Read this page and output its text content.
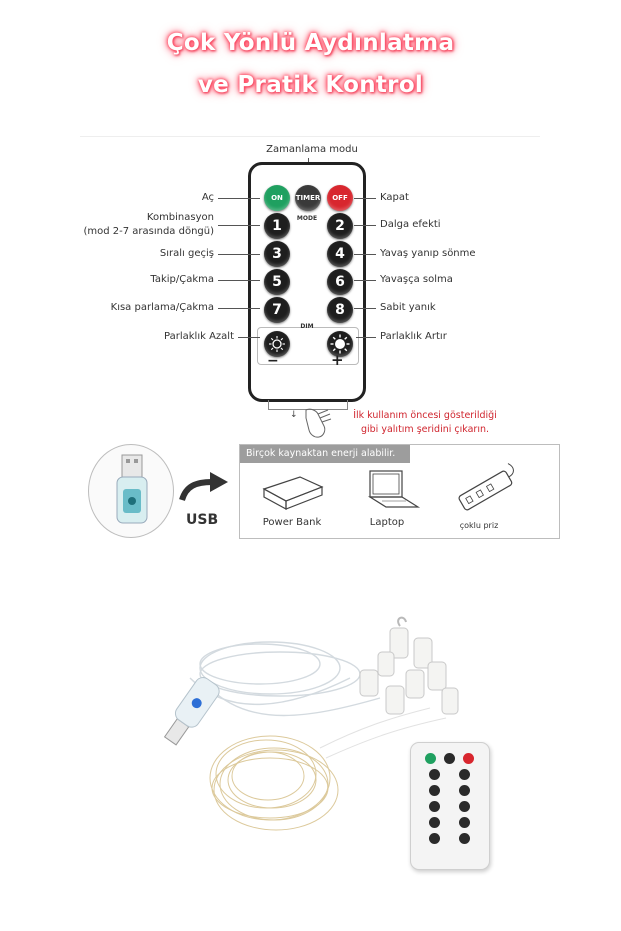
Çok Yönlü Aydınlatma
ve Pratik Kontrol
Zamanlama modu
ON TIMER OFF
MODE
1	2
3	4
5	6
7	8
DIM
−	+
Aç
Kombinasyon
(mod 2-7 arasında döngü)
Sıralı geçiş
Takip/Çakma
Kısa parlama/Çakma
Parlaklık Azalt
Kapat
Dalga efekti
Yavaş yanıp sönme
Yavaşça solma
Sabit yanık
Parlaklık Artır
↓	İlk kullanım öncesi gösterildiği
gibi yalıtım şeridini çıkarın.
USB
Birçok kaynaktan enerji alabilir.
Power Bank	Laptop	çoklu priz
